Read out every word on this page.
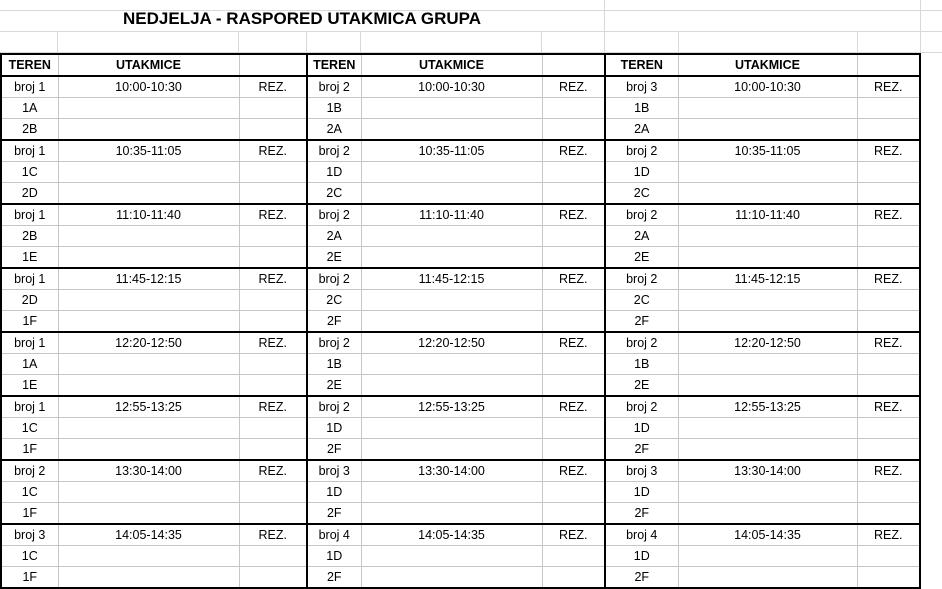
NEDJELJA - RASPORED UTAKMICA GRUPA
TEREN	UTAKMICE		TEREN	UTAKMICE		TEREN	UTAKMICE	
broj 1	10:00-10:30	REZ.	broj 2	10:00-10:30	REZ.	broj 3	10:00-10:30	REZ.
1A			1B			1B		
2B			2A			2A		
broj 1	10:35-11:05	REZ.	broj 2	10:35-11:05	REZ.	broj 2	10:35-11:05	REZ.
1C			1D			1D		
2D			2C			2C		
broj 1	11:10-11:40	REZ.	broj 2	11:10-11:40	REZ.	broj 2	11:10-11:40	REZ.
2B			2A			2A		
1E			2E			2E		
broj 1	11:45-12:15	REZ.	broj 2	11:45-12:15	REZ.	broj 2	11:45-12:15	REZ.
2D			2C			2C		
1F			2F			2F		
broj 1	12:20-12:50	REZ.	broj 2	12:20-12:50	REZ.	broj 2	12:20-12:50	REZ.
1A			1B			1B		
1E			2E			2E		
broj 1	12:55-13:25	REZ.	broj 2	12:55-13:25	REZ.	broj 2	12:55-13:25	REZ.
1C			1D			1D		
1F			2F			2F		
broj 2	13:30-14:00	REZ.	broj 3	13:30-14:00	REZ.	broj 3	13:30-14:00	REZ.
1C			1D			1D		
1F			2F			2F		
broj 3	14:05-14:35	REZ.	broj 4	14:05-14:35	REZ.	broj 4	14:05-14:35	REZ.
1C			1D			1D		
1F			2F			2F		
